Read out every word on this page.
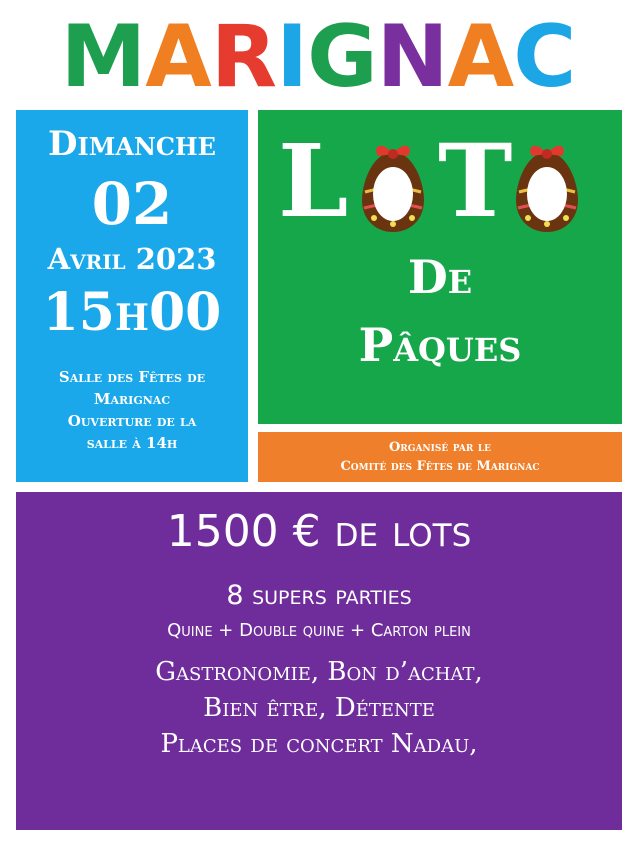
MARIGNAC
Dimanche
02
Avril 2023
15h00
Salle des Fêtes de
Marignac
Ouverture de la
salle à 14h
L T
De
Pâques
Organisé par le
Comité des Fêtes de Marignac
1500 € de lots
8 supers parties
Quine + Double quine + Carton plein
Gastronomie, Bon d’achat,
Bien être, Détente
Places de concert Nadau,
